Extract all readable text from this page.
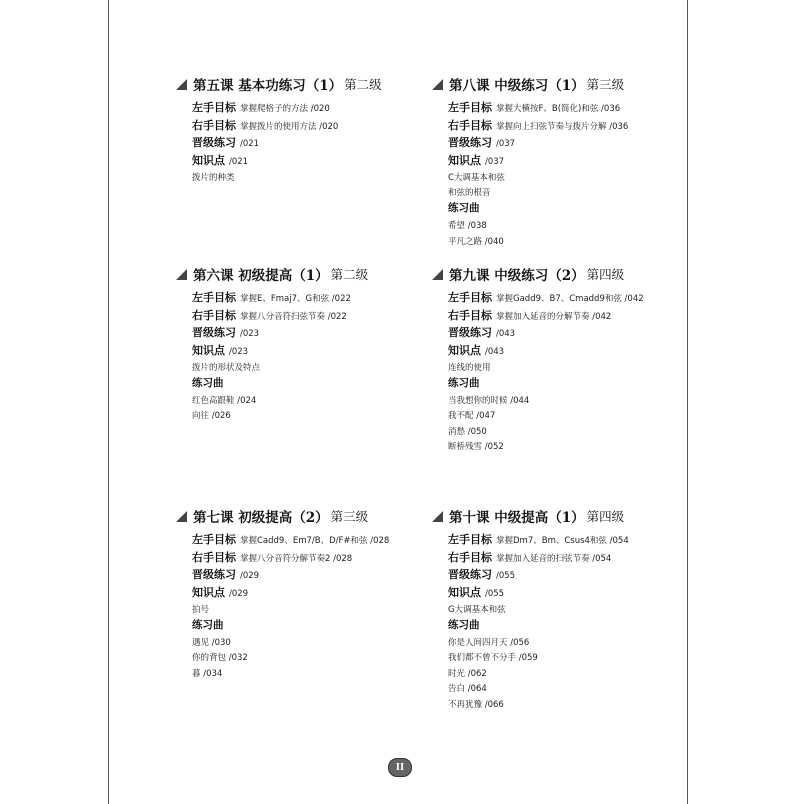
第五课 基本功练习（1） 第二级
左手目标 掌握爬格子的方法 /020
右手目标 掌握拨片的使用方法 /020
晋级练习 /021
知识点 /021
拨片的种类
第六课 初级提高（1） 第二级
左手目标 掌握E、Fmaj7、G和弦 /022
右手目标 掌握八分音符扫弦节奏 /022
晋级练习 /023
知识点 /023
拨片的形状及特点
练习曲
红色高跟鞋 /024
向往 /026
第七课 初级提高（2） 第三级
左手目标 掌握Cadd9、Em7/B、D/F#和弦 /028
右手目标 掌握八分音符分解节奏2 /028
晋级练习 /029
知识点 /029
拍号
练习曲
遇见 /030
你的背包 /032
暮 /034
第八课 中级练习（1） 第三级
左手目标 掌握大横按F、B(简化)和弦 /036
右手目标 掌握向上扫弦节奏与拨片分解 /036
晋级练习 /037
知识点 /037
C大调基本和弦
和弦的根音
练习曲
希望 /038
平凡之路 /040
第九课 中级练习（2） 第四级
左手目标 掌握Gadd9、B7、Cmadd9和弦 /042
右手目标 掌握加入延音的分解节奏 /042
晋级练习 /043
知识点 /043
连线的使用
练习曲
当我想你的时候 /044
我不配 /047
消愁 /050
断桥残雪 /052
第十课 中级提高（1） 第四级
左手目标 掌握Dm7、Bm、Csus4和弦 /054
右手目标 掌握加入延音的扫弦节奏 /054
晋级练习 /055
知识点 /055
G大调基本和弦
练习曲
你是人间四月天 /056
我们都不曾不分手 /059
时光 /062
告白 /064
不再犹豫 /066
II
